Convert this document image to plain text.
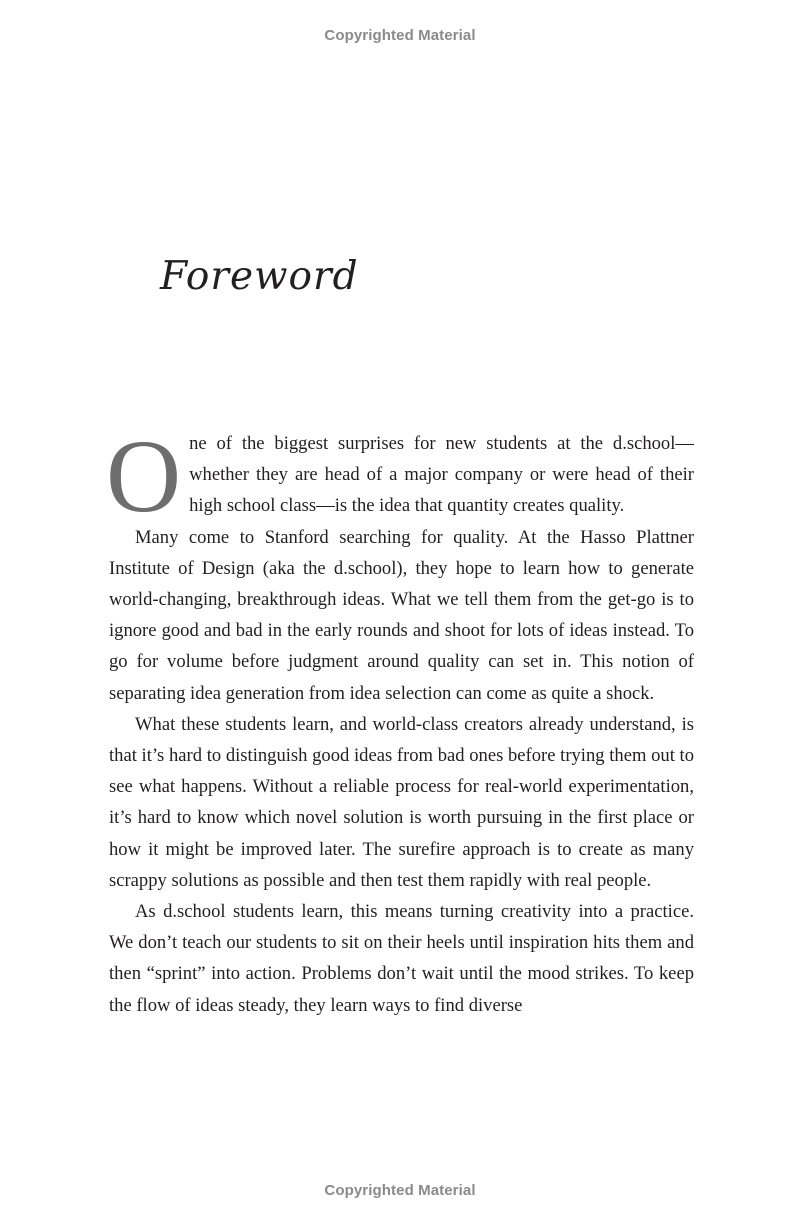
Copyrighted Material
Foreword

One of the biggest surprises for new students at the d.school—whether they are head of a major company or were head of their high school class—is the idea that quantity creates quality.

Many come to Stanford searching for quality. At the Hasso Plattner Institute of Design (aka the d.school), they hope to learn how to generate world-changing, breakthrough ideas. What we tell them from the get-go is to ignore good and bad in the early rounds and shoot for lots of ideas instead. To go for volume before judgment around quality can set in. This notion of separating idea generation from idea selection can come as quite a shock.

What these students learn, and world-class creators already understand, is that it’s hard to distinguish good ideas from bad ones before trying them out to see what happens. Without a reliable process for real-world experimentation, it’s hard to know which novel solution is worth pursuing in the first place or how it might be improved later. The surefire approach is to create as many scrappy solutions as possible and then test them rapidly with real people.

As d.school students learn, this means turning creativity into a practice. We don’t teach our students to sit on their heels until inspiration hits them and then “sprint” into action. Problems don’t wait until the mood strikes. To keep the flow of ideas steady, they learn ways to find diverse

Copyrighted Material
